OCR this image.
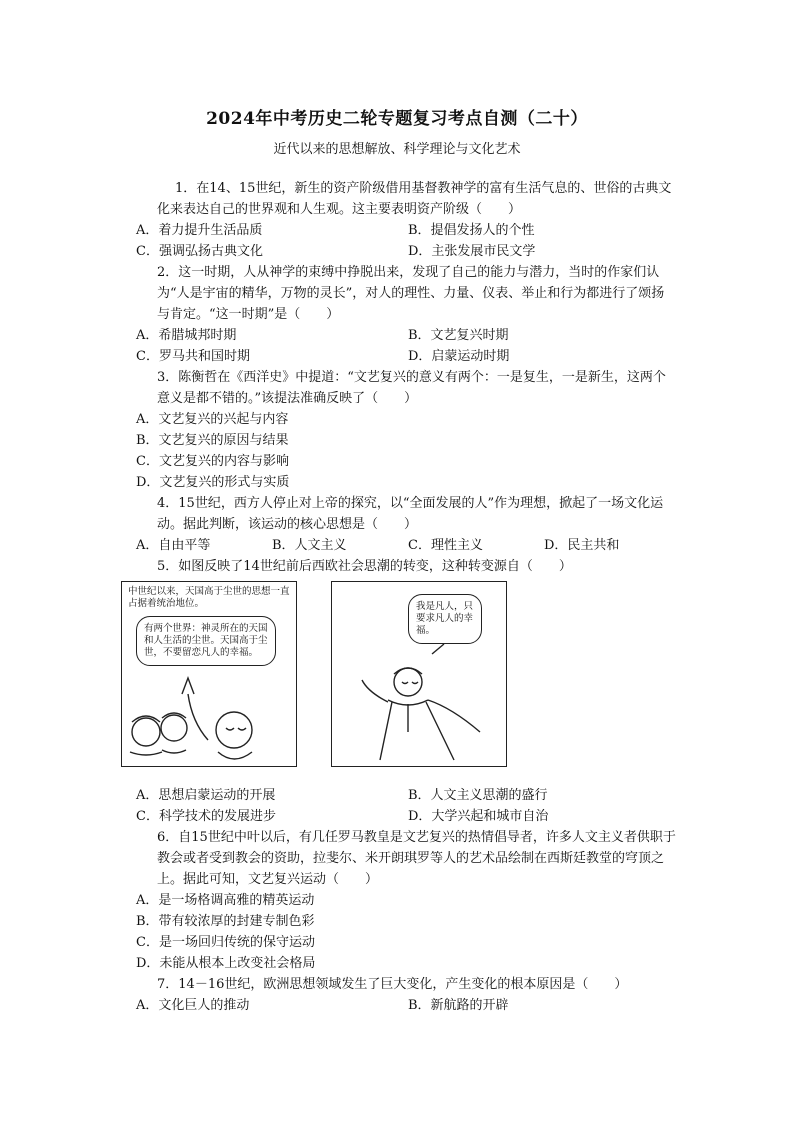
2024年中考历史二轮专题复习考点自测（二十）
近代以来的思想解放、科学理论与文化艺术
1．在14、15世纪，新生的资产阶级借用基督教神学的富有生活气息的、世俗的古典文化来表达自己的世界观和人生观。这主要表明资产阶级（　　）
A．着力提升生活品质	B．提倡发扬人的个性
C．强调弘扬古典文化	D．主张发展市民文学
2．这一时期，人从神学的束缚中挣脱出来，发现了自己的能力与潜力，当时的作家们认为“人是宇宙的精华，万物的灵长”，对人的理性、力量、仪表、举止和行为都进行了颂扬与肯定。“这一时期”是（　　）
A．希腊城邦时期	B．文艺复兴时期
C．罗马共和国时期	D．启蒙运动时期
3．陈衡哲在《西洋史》中提道：“文艺复兴的意义有两个：一是复生，一是新生，这两个意义是都不错的。”该提法准确反映了（　　）
A．文艺复兴的兴起与内容
B．文艺复兴的原因与结果
C．文艺复兴的内容与影响
D．文艺复兴的形式与实质
4．15世纪，西方人停止对上帝的探究，以“全面发展的人”作为理想，掀起了一场文化运动。据此判断，该运动的核心思想是（　　）
A．自由平等	B．人文主义	C．理性主义	D．民主共和
5．如图反映了14世纪前后西欧社会思潮的转变，这种转变源自（　　）
中世纪以来，天国高于尘世的思想一直占据着统治地位。
有两个世界：神灵所在的天国和人生活的尘世。天国高于尘世，不要留恋凡人的幸福。
我是凡人，只要求凡人的幸福。
A．思想启蒙运动的开展	B．人文主义思潮的盛行
C．科学技术的发展进步	D．大学兴起和城市自治
6．自15世纪中叶以后，有几任罗马教皇是文艺复兴的热情倡导者，许多人文主义者供职于教会或者受到教会的资助，拉斐尔、米开朗琪罗等人的艺术品绘制在西斯廷教堂的穹顶之上。据此可知，文艺复兴运动（　　）
A．是一场格调高雅的精英运动
B．带有较浓厚的封建专制色彩
C．是一场回归传统的保守运动
D．未能从根本上改变社会格局
7．14－16世纪，欧洲思想领域发生了巨大变化，产生变化的根本原因是（　　）
A．文化巨人的推动	B．新航路的开辟
